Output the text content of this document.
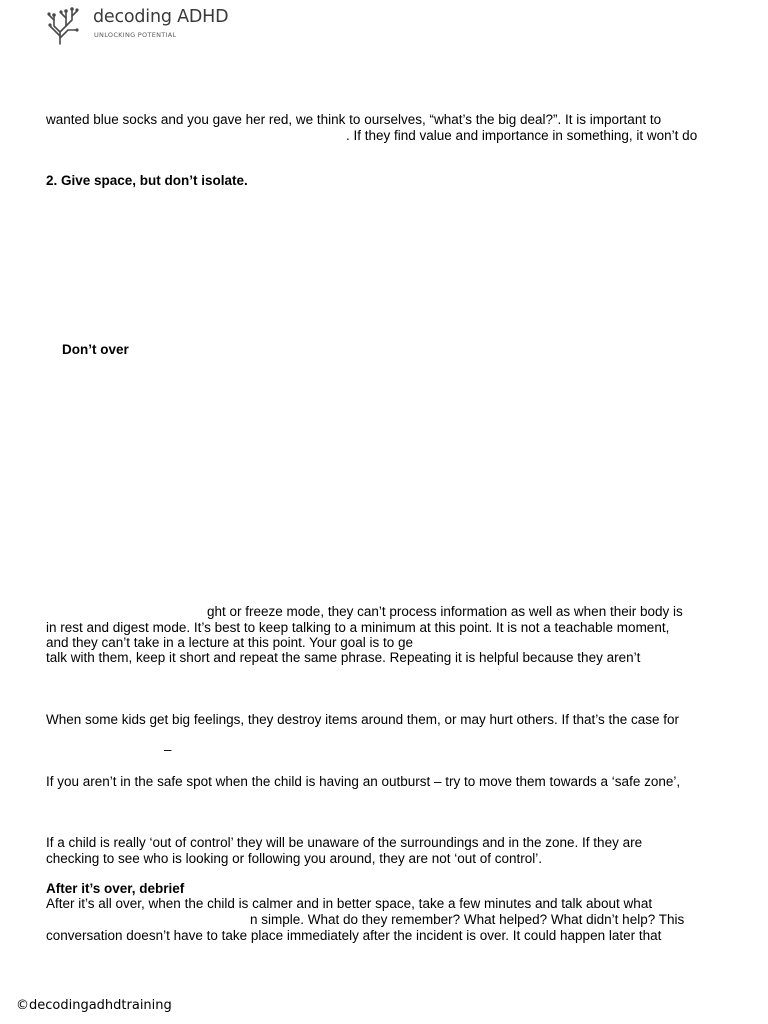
decoding ADHD
UNLOCKING POTENTIAL
wanted blue socks and you gave her red, we think to ourselves, “what’s the big deal?”. It is important to
. If they find value and importance in something, it won’t do
2. Give space, but don’t isolate.
Don’t over
ght or freeze mode, they can’t process information as well as when their body is
in rest and digest mode. It’s best to keep talking to a minimum at this point. It is not a teachable moment,
and they can’t take in a lecture at this point. Your goal is to ge
talk with them, keep it short and repeat the same phrase. Repeating it is helpful because they aren’t
When some kids get big feelings, they destroy items around them, or may hurt others. If that’s the case for
–
If you aren’t in the safe spot when the child is having an outburst – try to move them towards a ‘safe zone’,
If a child is really ‘out of control’ they will be unaware of the surroundings and in the zone. If they are
checking to see who is looking or following you around, they are not ‘out of control’.
After it’s over, debrief
After it’s all over, when the child is calmer and in better space, take a few minutes and talk about what
n simple. What do they remember? What helped? What didn’t help? This
conversation doesn’t have to take place immediately after the incident is over. It could happen later that
©decodingadhdtraining
